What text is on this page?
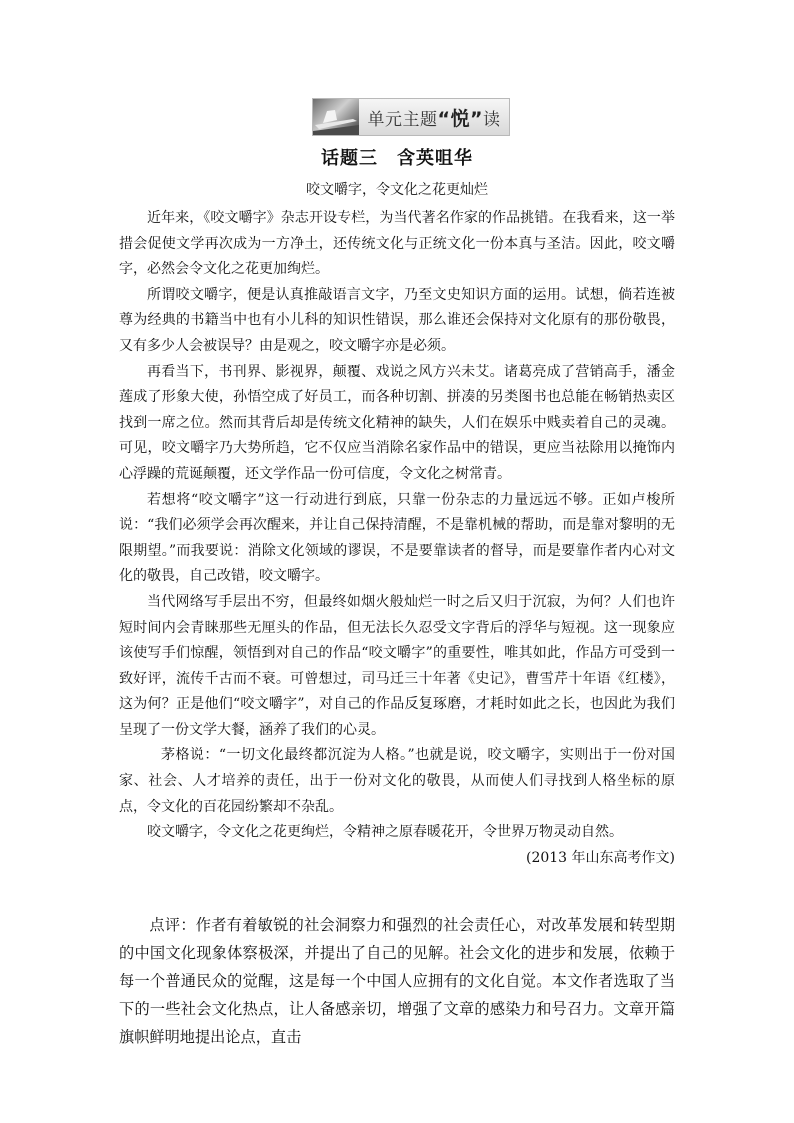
单元主题 “悦” 读
话题三　含英咀华
咬文嚼字，令文化之花更灿烂

近年来，《咬文嚼字》杂志开设专栏，为当代著名作家的作品挑错。在我看来，这一举措会促使文学再次成为一方净土，还传统文化与正统文化一份本真与圣洁。因此，咬文嚼字，必然会令文化之花更加绚烂。

所谓咬文嚼字，便是认真推敲语言文字，乃至文史知识方面的运用。试想，倘若连被尊为经典的书籍当中也有小儿科的知识性错误，那么谁还会保持对文化原有的那份敬畏，又有多少人会被误导？由是观之，咬文嚼字亦是必须。

再看当下，书刊界、影视界，颠覆、戏说之风方兴未艾。诸葛亮成了营销高手，潘金莲成了形象大使，孙悟空成了好员工，而各种切割、拼凑的另类图书也总能在畅销热卖区找到一席之位。然而其背后却是传统文化精神的缺失，人们在娱乐中贱卖着自己的灵魂。可见，咬文嚼字乃大势所趋，它不仅应当消除名家作品中的错误，更应当祛除用以掩饰内心浮躁的荒诞颠覆，还文学作品一份可信度，令文化之树常青。

若想将“咬文嚼字”这一行动进行到底，只靠一份杂志的力量远远不够。正如卢梭所说：“我们必须学会再次醒来，并让自己保持清醒，不是靠机械的帮助，而是靠对黎明的无限期望。”而我要说：消除文化领域的谬误，不是要靠读者的督导，而是要靠作者内心对文化的敬畏，自己改错，咬文嚼字。

当代网络写手层出不穷，但最终如烟火般灿烂一时之后又归于沉寂，为何？人们也许短时间内会青睐那些无厘头的作品，但无法长久忍受文字背后的浮华与短视。这一现象应该使写手们惊醒，领悟到对自己的作品“咬文嚼字”的重要性，唯其如此，作品方可受到一致好评，流传千古而不衰。可曾想过，司马迁三十年著《史记》，曹雪芹十年语《红楼》，这为何？正是他们“咬文嚼字”，对自己的作品反复琢磨，才耗时如此之长，也因此为我们呈现了一份文学大餐，涵养了我们的心灵。

茅格说：“一切文化最终都沉淀为人格。”也就是说，咬文嚼字，实则出于一份对国家、社会、人才培养的责任，出于一份对文化的敬畏，从而使人们寻找到人格坐标的原点，令文化的百花园纷繁却不杂乱。

咬文嚼字，令文化之花更绚烂，令精神之原春暖花开，令世界万物灵动自然。

(2013 年山东高考作文)

点评：作者有着敏锐的社会洞察力和强烈的社会责任心，对改革发展和转型期的中国文化现象体察极深，并提出了自己的见解。社会文化的进步和发展，依赖于每一个普通民众的觉醒，这是每一个中国人应拥有的文化自觉。本文作者选取了当下的一些社会文化热点，让人备感亲切，增强了文章的感染力和号召力。文章开篇旗帜鲜明地提出论点，直击
